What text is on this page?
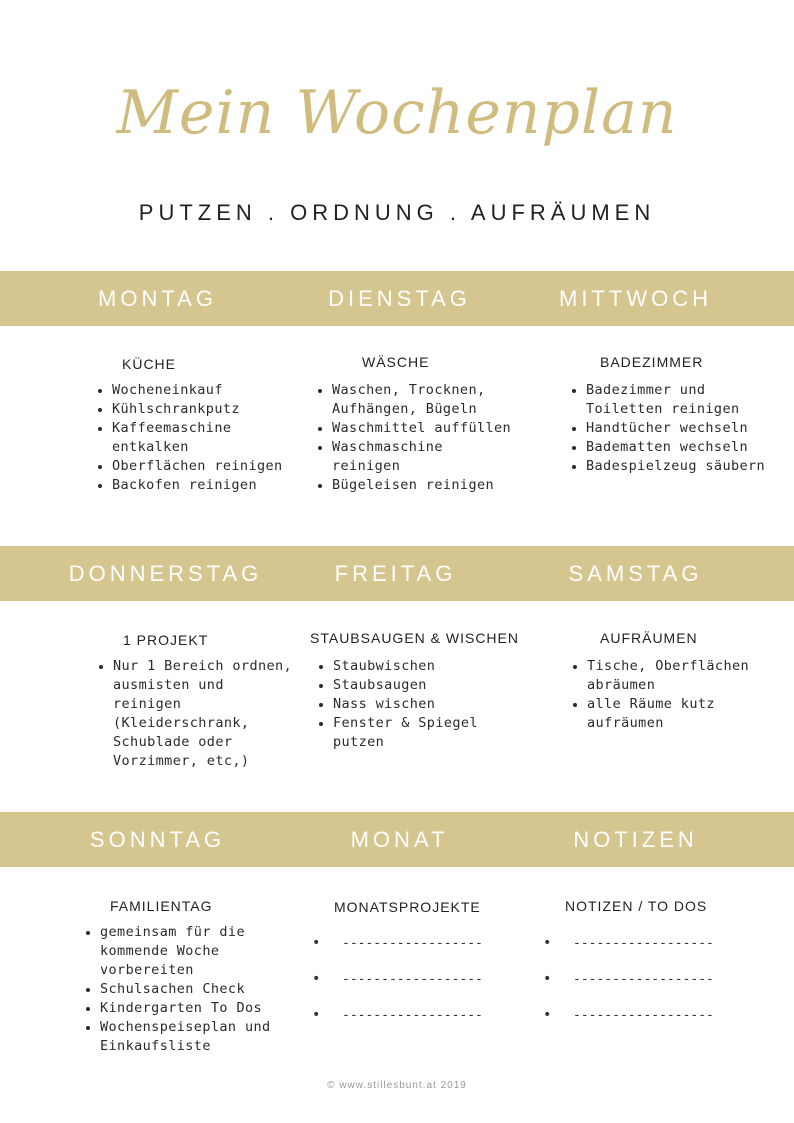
Mein Wochenplan
PUTZEN . ORDNUNG . AUFRÄUMEN
MONTAG	DIENSTAG	MITTWOCH
KÜCHE
• Wocheneinkauf
• Kühlschrankputz
• Kaffeemaschine entkalken
• Oberflächen reinigen
• Backofen reinigen
WÄSCHE
• Waschen, Trocknen, Aufhängen, Bügeln
• Waschmittel auffüllen
• Waschmaschine reinigen
• Bügeleisen reinigen
BADEZIMMER
• Badezimmer und Toiletten reinigen
• Handtücher wechseln
• Badematten wechseln
• Badespielzeug säubern
DONNERSTAG	FREITAG	SAMSTAG
1 PROJEKT
• Nur 1 Bereich ordnen, ausmisten und reinigen (Kleiderschrank, Schublade oder Vorzimmer, etc,)
STAUBSAUGEN & WISCHEN
• Staubwischen
• Staubsaugen
• Nass wischen
• Fenster & Spiegel putzen
AUFRÄUMEN
• Tische, Oberflächen abräumen
• alle Räume kutz aufräumen
SONNTAG	MONAT	NOTIZEN
FAMILIENTAG
• gemeinsam für die kommende Woche vorbereiten
• Schulsachen Check
• Kindergarten To Dos
• Wochenspeiseplan und Einkaufsliste
MONATSPROJEKTE
• ------------------
• ------------------
• ------------------
NOTIZEN / TO DOS
• ------------------
• ------------------
• ------------------
© www.stillesbunt.at 2019
